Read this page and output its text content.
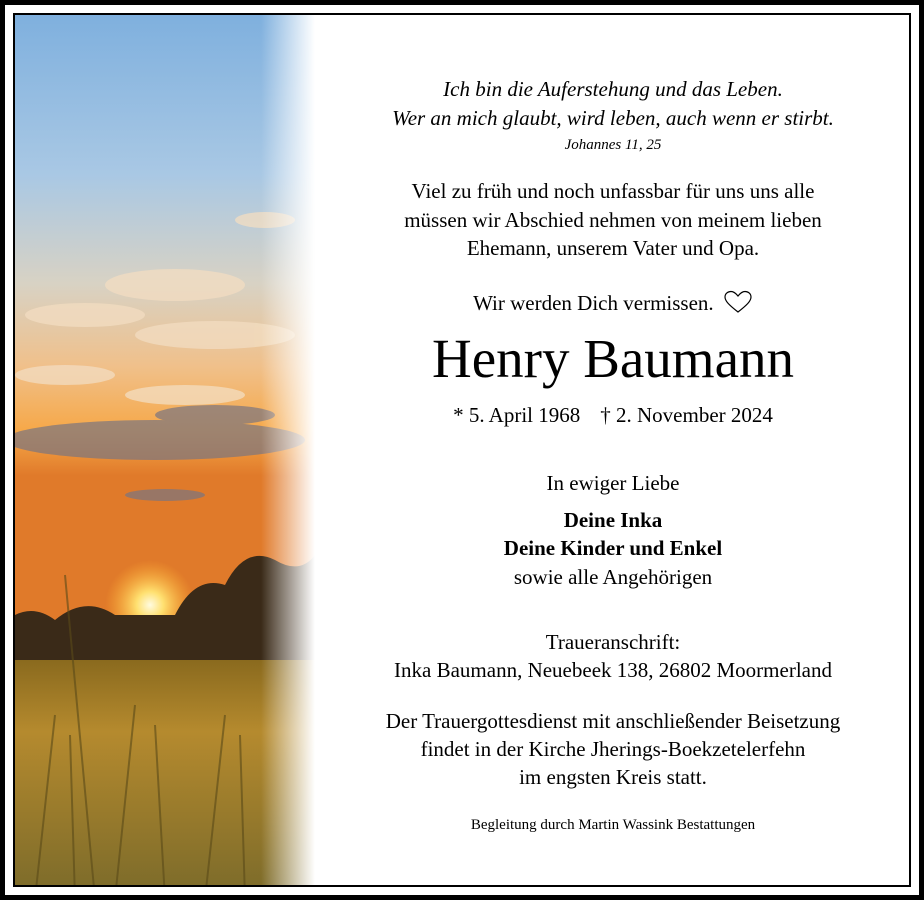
Ich bin die Auferstehung und das Leben.
Wer an mich glaubt, wird leben, auch wenn er stirbt.
Johannes 11, 25
Viel zu früh und noch unfassbar für uns uns alle
müssen wir Abschied nehmen von meinem lieben
Ehemann, unserem Vater und Opa.
Wir werden Dich vermissen.
Henry Baumann
* 5. April 1968 † 2. November 2024
In ewiger Liebe
Deine Inka
Deine Kinder und Enkel
sowie alle Angehörigen
Traueranschrift:
Inka Baumann, Neuebeek 138, 26802 Moormerland
Der Trauergottesdienst mit anschließender Beisetzung
findet in der Kirche Jherings-Boekzetelerfehn
im engsten Kreis statt.
Begleitung durch Martin Wassink Bestattungen
